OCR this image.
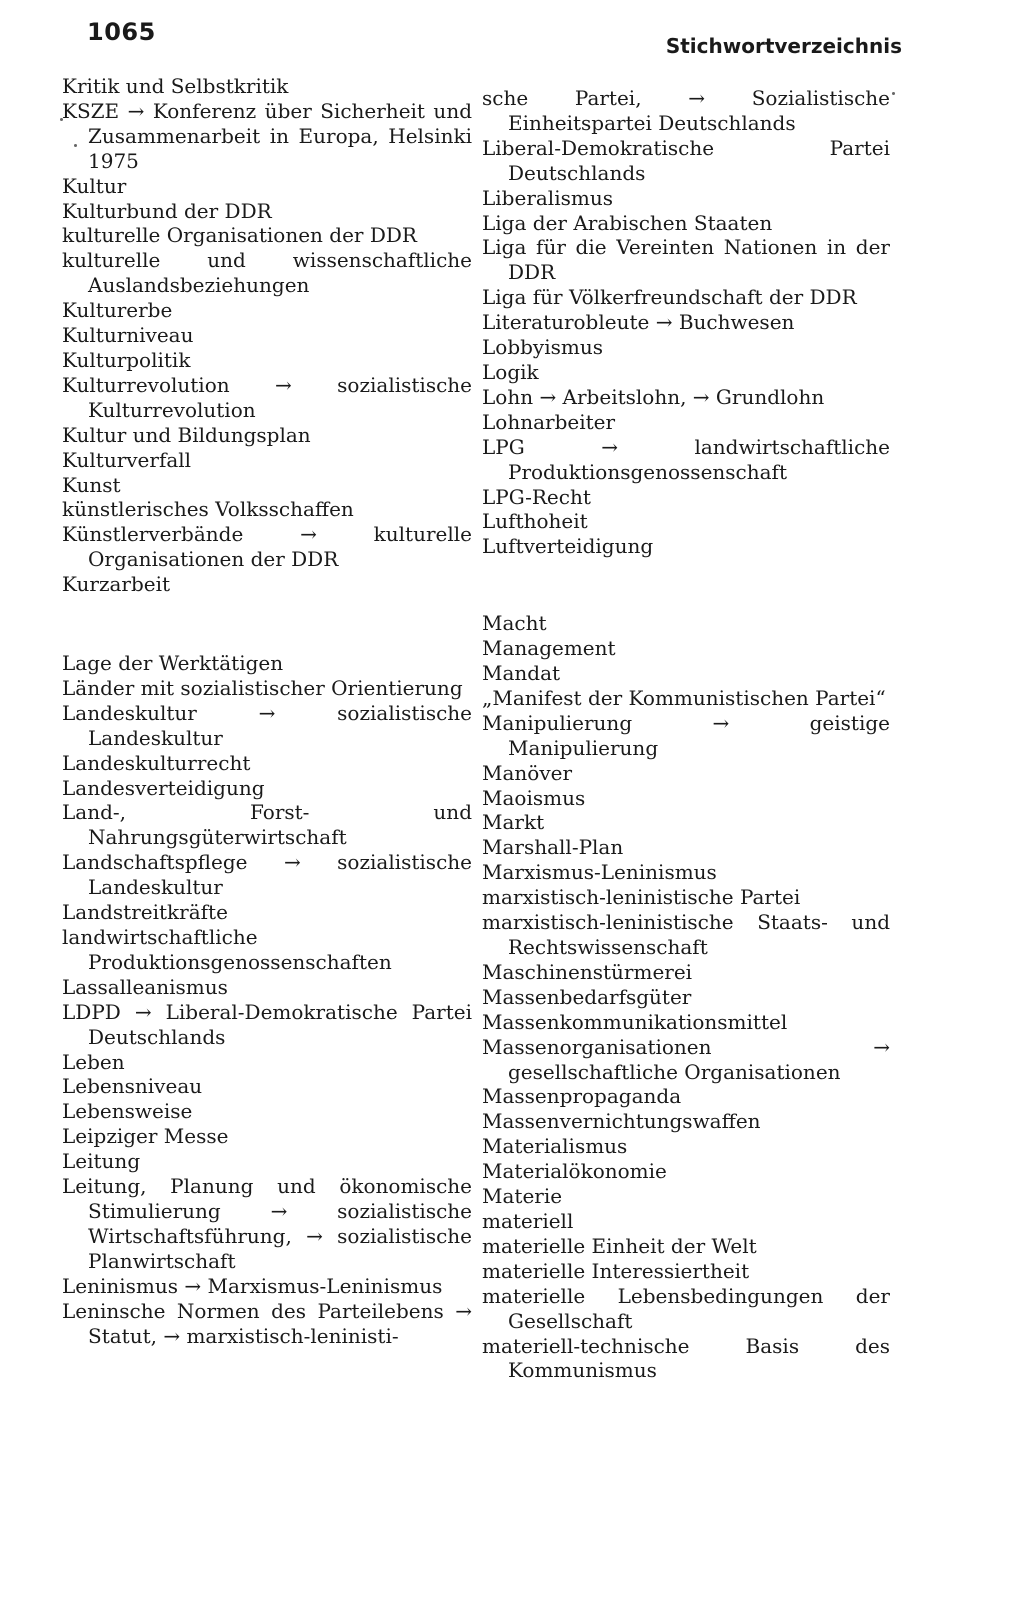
1065	Stichwortverzeichnis
Kritik und Selbstkritik
KSZE → Konferenz über Sicherheit und Zusammenarbeit in Europa, Helsinki 1975
Kultur
Kulturbund der DDR
kulturelle Organisationen der DDR
kulturelle und wissenschaftliche Auslandsbeziehungen
Kulturerbe
Kulturniveau
Kulturpolitik
Kulturrevolution → sozialistische Kulturrevolution
Kultur und Bildungsplan
Kulturverfall
Kunst
künstlerisches Volksschaffen
Künstlerverbände → kulturelle Organisationen der DDR
Kurzarbeit
Lage der Werktätigen
Länder mit sozialistischer Orientierung
Landeskultur → sozialistische Landeskultur
Landeskulturrecht
Landesverteidigung
Land-, Forst- und Nahrungsgüterwirtschaft
Landschaftspflege → sozialistische Landeskultur
Landstreitkräfte
landwirtschaftliche Produktionsgenossenschaften
Lassalleanismus
LDPD → Liberal-Demokratische Partei Deutschlands
Leben
Lebensniveau
Lebensweise
Leipziger Messe
Leitung
Leitung, Planung und ökonomische Stimulierung → sozialistische Wirtschaftsführung, → sozialistische Planwirtschaft
Leninismus → Marxismus-Leninismus
Leninsche Normen des Parteilebens → Statut, → marxistisch-leninisti-
sche Partei, → Sozialistische Einheitspartei Deutschlands
Liberal-Demokratische Partei Deutschlands
Liberalismus
Liga der Arabischen Staaten
Liga für die Vereinten Nationen in der DDR
Liga für Völkerfreundschaft der DDR
Literaturobleute → Buchwesen
Lobbyismus
Logik
Lohn → Arbeitslohn, → Grundlohn
Lohnarbeiter
LPG → landwirtschaftliche Produktionsgenossenschaft
LPG-Recht
Lufthoheit
Luftverteidigung
Macht
Management
Mandat
„Manifest der Kommunistischen Partei“
Manipulierung → geistige Manipulierung
Manöver
Maoismus
Markt
Marshall-Plan
Marxismus-Leninismus
marxistisch-leninistische Partei
marxistisch-leninistische Staats- und Rechtswissenschaft
Maschinenstürmerei
Massenbedarfsgüter
Massenkommunikationsmittel
Massenorganisationen → gesellschaftliche Organisationen
Massenpropaganda
Massenvernichtungswaffen
Materialismus
Materialökonomie
Materie
materiell
materielle Einheit der Welt
materielle Interessiertheit
materielle Lebensbedingungen der Gesellschaft
materiell-technische Basis des Kommunismus
